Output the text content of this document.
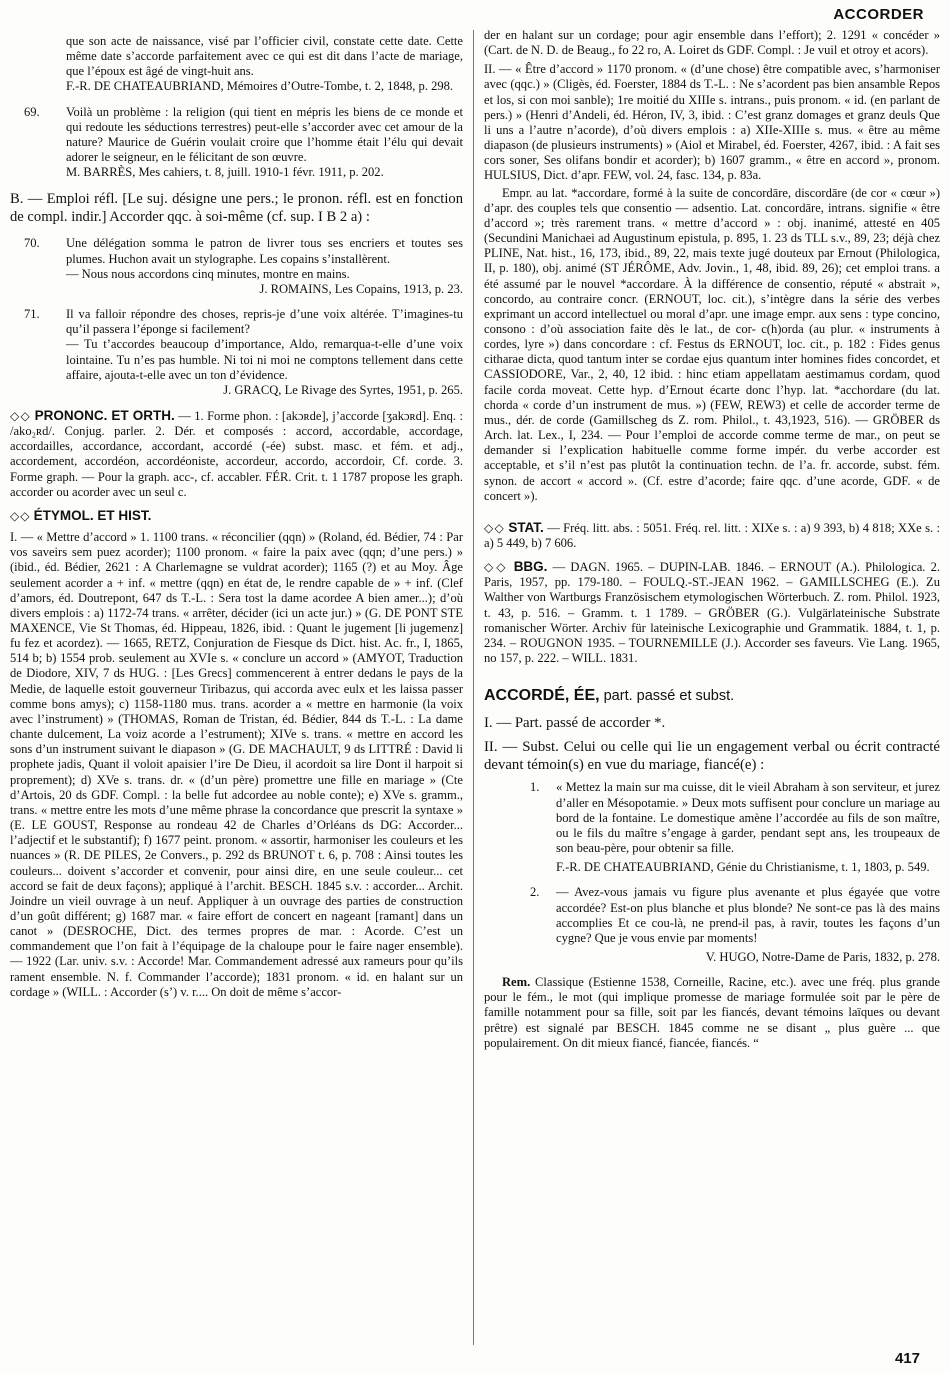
ACCORDER

que son acte de naissance, visé par l’officier civil, constate cette date. Cette même date s’accorde parfaitement avec ce qui est dit dans l’acte de mariage, que l’époux est âgé de vingt-huit ans.

F.-R. DE CHATEAUBRIAND, Mémoires d’Outre-Tombe, t. 2, 1848, p. 298.

69. Voilà un problème : la religion (qui tient en mépris les biens de ce monde et qui redoute les séductions terrestres) peut-elle s’accorder avec cet amour de la nature? Maurice de Guérin voulait croire que l’homme était l’élu qui devait adorer le seigneur, en le félicitant de son œuvre.

M. BARRÈS, Mes cahiers, t. 8, juill. 1910-1 févr. 1911, p. 202.

B. — Emploi réfl. [Le suj. désigne une pers.; le pronon. réfl. est en fonction de compl. indir.] Accorder qqc. à soi-même (cf. sup. I B 2 a) :

70. Une délégation somma le patron de livrer tous ses encriers et toutes ses plumes. Huchon avait un stylographe. Les copains s’installèrent.

— Nous nous accordons cinq minutes, montre en mains.

J. ROMAINS, Les Copains, 1913, p. 23.

71. Il va falloir répondre des choses, repris-je d’une voix altérée. T’imagines-tu qu’il passera l’éponge si facilement?

— Tu t’accordes beaucoup d’importance, Aldo, remarqua-t-elle d’une voix lointaine. Tu n’es pas humble. Ni toi ni moi ne comptons tellement dans cette affaire, ajouta-t-elle avec un ton d’évidence.

J. GRACQ, Le Rivage des Syrtes, 1951, p. 265.

◇◇ PRONONC. ET ORTH. — 1. Forme phon. : [akɔʀde], j’accorde [ʒakɔʀd]. Enq. : /ako₂ʀd/. Conjug. parler. 2. Dér. et composés : accord, accordable, accordage, accordailles, accordance, accordant, accordé (-ée) subst. masc. et fém. et adj., accordement, accordéon, accordéoniste, accordeur, accordo, accordoir, Cf. corde. 3. Forme graph. — Pour la graph. acc-, cf. accabler. FÉR. Crit. t. 1 1787 propose les graph. accorder ou acorder avec un seul c.

◇◇ ÉTYMOL. ET HIST.

I. — « Mettre d’accord » 1. 1100 trans. « réconcilier (qqn) » (Roland, éd. Bédier, 74 : Par vos saveirs sem puez acorder); 1100 pronom. « faire la paix avec (qqn; d’une pers.) » (ibid., éd. Bédier, 2621 : A Charlemagne se vuldrat acorder); 1165 (?) et au Moy. Âge seulement acorder a + inf. « mettre (qqn) en état de, le rendre capable de » + inf. (Clef d’amors, éd. Doutrepont, 647 ds T.-L. : Sera tost la dame acordee A bien amer...); d’où divers emplois : a) 1172-74 trans. « arrêter, décider (ici un acte jur.) » (G. DE PONT STE MAXENCE, Vie St Thomas, éd. Hippeau, 1826, ibid. : Quant le jugement [li jugemenz] fu fez et acordez). — 1665, RETZ, Conjuration de Fiesque ds Dict. hist. Ac. fr., I, 1865, 514 b; b) 1554 prob. seulement au XVIe s. « conclure un accord » (AMYOT, Traduction de Diodore, XIV, 7 ds HUG. : [Les Grecs] commencerent à entrer dedans le pays de la Medie, de laquelle estoit gouverneur Tiribazus, qui accorda avec eulx et les laissa passer comme bons amys); c) 1158-1180 mus. trans. acorder a « mettre en harmonie (la voix avec l’instrument) » (THOMAS, Roman de Tristan, éd. Bédier, 844 ds T.-L. : La dame chante dulcement, La voiz acorde a l’estrument); XIVe s. trans. « mettre en accord les sons d’un instrument suivant le diapason » (G. DE MACHAULT, 9 ds LITTRÉ : David li prophete jadis, Quant il voloit apaisier l’ire De Dieu, il acordoit sa lire Dont il harpoit si proprement); d) XVe s. trans. dr. « (d’un père) promettre une fille en mariage » (Cte d’Artois, 20 ds GDF. Compl. : la belle fut adcordee au noble conte); e) XVe s. gramm., trans. « mettre entre les mots d’une même phrase la concordance que prescrit la syntaxe » (E. LE GOUST, Response au rondeau 42 de Charles d’Orléans ds DG: Accorder... l’adjectif et le substantif); f) 1677 peint. pronom. « assortir, harmoniser les couleurs et les nuances » (R. DE PILES, 2e Convers., p. 292 ds BRUNOT t. 6, p. 708 : Ainsi toutes les couleurs... doivent s’accorder et convenir, pour ainsi dire, en une seule couleur... cet accord se fait de deux façons); appliqué à l’archit. BESCH. 1845 s.v. : accorder... Archit. Joindre un vieil ouvrage à un neuf. Appliquer à un ouvrage des parties de construction d’un goût différent; g) 1687 mar. « faire effort de concert en nageant [ramant] dans un canot » (DESROCHE, Dict. des termes propres de mar. : Acorde. C’est un commandement que l’on fait à l’équipage de la chaloupe pour le faire nager ensemble). — 1922 (Lar. univ. s.v. : Accorde! Mar. Commandement adressé aux rameurs pour qu’ils rament ensemble. N. f. Commander l’accorde); 1831 pronom. « id. en halant sur un cordage » (WILL. : Accorder (s’) v. r.... On doit de même s’accor-

der en halant sur un cordage; pour agir ensemble dans l’effort); 2. 1291 « concéder » (Cart. de N. D. de Beaug., fo 22 ro, A. Loiret ds GDF. Compl. : Je vuil et otroy et acors).

II. — « Être d’accord » 1170 pronom. « (d’une chose) être compatible avec, s’harmoniser avec (qqc.) » (Cligès, éd. Foerster, 1884 ds T.-L. : Ne s’acordent pas bien ansamble Repos et los, si con moi sanble); 1re moitié du XIIIe s. intrans., puis pronom. « id. (en parlant de pers.) » (Henri d’Andeli, éd. Héron, IV, 3, ibid. : C’est granz domages et granz deuls Que li uns a l’autre n’acorde), d’où divers emplois : a) XIIe-XIIIe s. mus. « être au même diapason (de plusieurs instruments) » (Aiol et Mirabel, éd. Foerster, 4267, ibid. : A fait ses cors soner, Ses olifans bondir et acorder); b) 1607 gramm., « être en accord », pronom. HULSIUS, Dict. d’apr. FEW, vol. 24, fasc. 134, p. 83a.

Empr. au lat. *accordare, formé à la suite de concordāre, discordāre (de cor « cœur ») d’apr. des couples tels que consentio — adsentio. Lat. concordāre, intrans. signifie « être d’accord »; très rarement trans. « mettre d’accord » : obj. inanimé, attesté en 405 (Secundini Manichaei ad Augustinum epistula, p. 895, 1. 23 ds TLL s.v., 89, 23; déjà chez PLINE, Nat. hist., 16, 173, ibid., 89, 22, mais texte jugé douteux par Ernout (Philologica, II, p. 180), obj. animé (ST JÉRÔME, Adv. Jovin., 1, 48, ibid. 89, 26); cet emploi trans. a été assumé par le nouvel *accordare. À la différence de consentio, réputé « abstrait », concordo, au contraire concr. (ERNOUT, loc. cit.), s’intègre dans la série des verbes exprimant un accord intellectuel ou moral d’apr. une image empr. aux sens : type concino, consono : d’où association faite dès le lat., de cor- c(h)orda (au plur. « instruments à cordes, lyre ») dans concordare : cf. Festus ds ERNOUT, loc. cit., p. 182 : Fides genus citharae dicta, quod tantum inter se cordae ejus quantum inter homines fides concordet, et CASSIODORE, Var., 2, 40, 12 ibid. : hinc etiam appellatam aestimamus cordam, quod facile corda moveat. Cette hyp. d’Ernout écarte donc l’hyp. lat. *acchordare (du lat. chorda « corde d’un instrument de mus. ») (FEW, REW3) et celle de accorder terme de mus., dér. de corde (Gamillscheg ds Z. rom. Philol., t. 43,1923, 516). — GRÖBER ds Arch. lat. Lex., I, 234. — Pour l’emploi de accorde comme terme de mar., on peut se demander si l’explication habituelle comme forme impér. du verbe accorder est acceptable, et s’il n’est pas plutôt la continuation techn. de l’a. fr. accorde, subst. fém. synon. de accort « accord ». (Cf. estre d’acorde; faire qqc. d’une acorde, GDF. « de concert »).

◇◇ STAT. — Fréq. litt. abs. : 5051. Fréq. rel. litt. : XIXe s. : a) 9 393, b) 4 818; XXe s. : a) 5 449, b) 7 606.

◇◇ BBG. — DAGN. 1965. – DUPIN-LAB. 1846. – ERNOUT (A.). Philologica. 2. Paris, 1957, pp. 179-180. – FOULQ.-ST.-JEAN 1962. – GAMILLSCHEG (E.). Zu Walther von Wartburgs Französischem etymologischen Wörterbuch. Z. rom. Philol. 1923, t. 43, p. 516. – Gramm. t. 1 1789. – GRÖBER (G.). Vulgärlateinische Substrate romanischer Wörter. Archiv für lateinische Lexicographie und Grammatik. 1884, t. 1, p. 234. – ROUGNON 1935. – TOURNEMILLE (J.). Accorder ses faveurs. Vie Lang. 1965, no 157, p. 222. – WILL. 1831.

ACCORDÉ, ÉE, part. passé et subst.

I. — Part. passé de accorder *.

II. — Subst. Celui ou celle qui lie un engagement verbal ou écrit contracté devant témoin(s) en vue du mariage, fiancé(e) :

1. « Mettez la main sur ma cuisse, dit le vieil Abraham à son serviteur, et jurez d’aller en Mésopotamie. » Deux mots suffisent pour conclure un mariage au bord de la fontaine. Le domestique amène l’accordée au fils de son maître, ou le fils du maître s’engage à garder, pendant sept ans, les troupeaux de son beau-père, pour obtenir sa fille.

F.-R. DE CHATEAUBRIAND, Génie du Christianisme, t. 1, 1803, p. 549.

2. — Avez-vous jamais vu figure plus avenante et plus égayée que votre accordée? Est-on plus blanche et plus blonde? Ne sont-ce pas là des mains accomplies Et ce cou-là, ne prend-il pas, à ravir, toutes les façons d’un cygne? Que je vous envie par moments!

V. HUGO, Notre-Dame de Paris, 1832, p. 278.

Rem. Classique (Estienne 1538, Corneille, Racine, etc.). avec une fréq. plus grande pour le fém., le mot (qui implique promesse de mariage formulée soit par le père de famille notamment pour sa fille, soit par les fiancés, devant témoins laïques ou devant prêtre) est signalé par BESCH. 1845 comme ne se disant „ plus guère ... que populairement. On dit mieux fiancé, fiancée, fiancés. “

417
